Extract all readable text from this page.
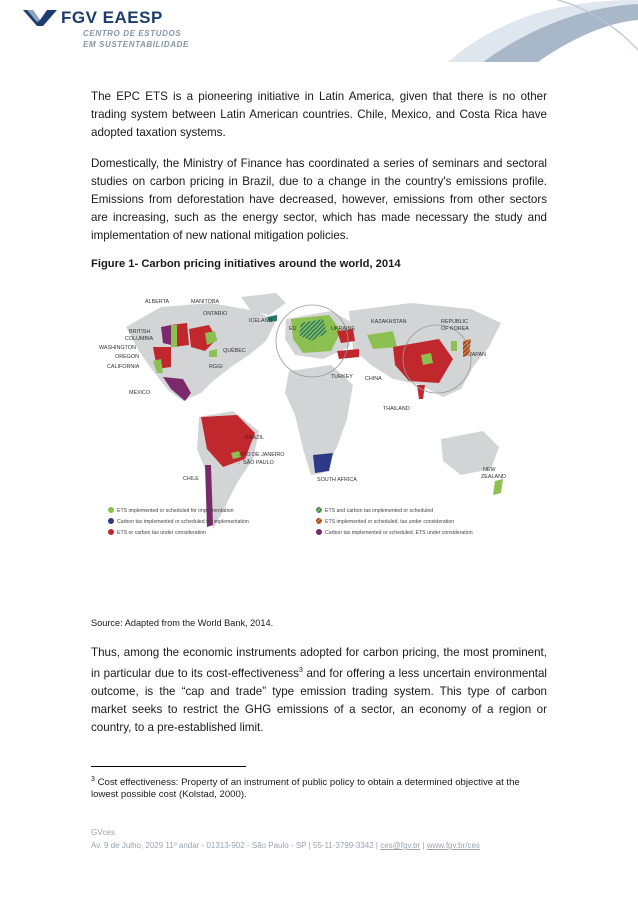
FGV EAESP
CENTRO DE ESTUDOS
EM SUSTENTABILIDADE

The EPC ETS is a pioneering initiative in Latin America, given that there is no other trading system between Latin American countries. Chile, Mexico, and Costa Rica have adopted taxation systems.

Domestically, the Ministry of Finance has coordinated a series of seminars and sectoral studies on carbon pricing in Brazil, due to a change in the country's emissions profile. Emissions from deforestation have decreased, however, emissions from other sectors are increasing, such as the energy sector, which has made necessary the study and implementation of new national mitigation policies.

Figure 1- Carbon pricing initiatives around the world, 2014

ALBERTA	MANITOBA
ONTARIO
BRITISH
COLUMBIA
WASHINGTON
OREGON
CALIFORNIA
QUÉBEC
RGGI
MEXICO
ICELAND
EU	UKRAINE
TURKEY
KAZAKHSTAN	REPUBLIC
OF KOREA
JAPAN
CHINA
THAILAND
BRAZIL
RIO DE JANEIRO
SÃO PAULO
CHILE	SOUTH AFRICA
NEW
ZEALAND
ETS implemented or scheduled for implementation
Carbon tax implemented or scheduled for implementation
ETS or carbon tax under consideration
ETS and carbon tax implemented or scheduled
ETS implemented or scheduled, tax under consideration
Carbon tax implemented or scheduled, ETS under consideration
Source: Adapted from the World Bank, 2014.

Thus, among the economic instruments adopted for carbon pricing, the most prominent, in particular due to its cost-effectiveness$^3$ and for offering a less uncertain environmental outcome, is the “cap and trade” type emission trading system. This type of carbon market seeks to restrict the GHG emissions of a sector, an economy of a region or country, to a pre-established limit.

$^3$ Cost effectiveness: Property of an instrument of public policy to obtain a determined objective at the lowest possible cost (Kolstad, 2000).
GVces
Av. 9 de Julho, 2029 11º andar - 01313-902 - São Paulo - SP | 55-11-3799-3342 | ces@fgv.br | www.fgv.br/ces
